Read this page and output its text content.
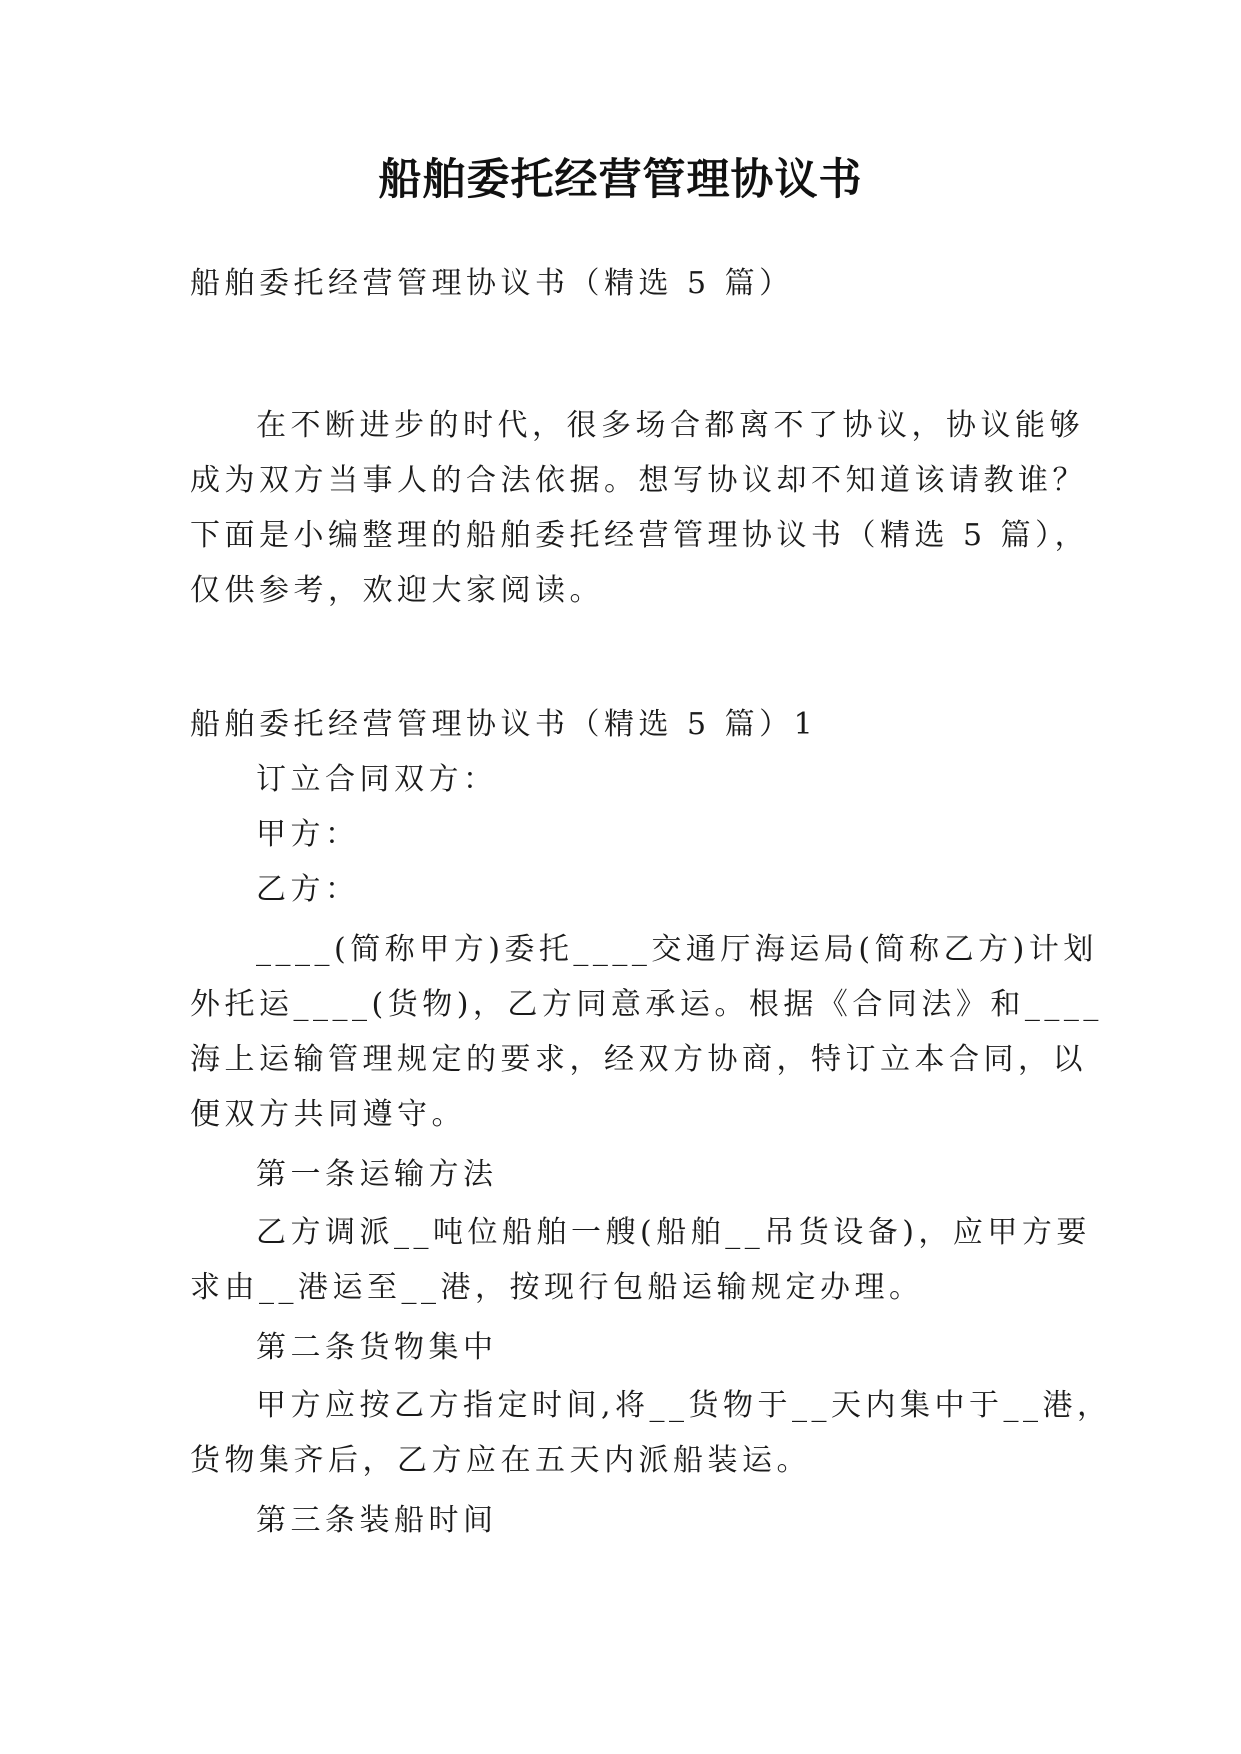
船舶委托经营管理协议书
船舶委托经营管理协议书（精选 5 篇）
在不断进步的时代，很多场合都离不了协议，协议能够
成为双方当事人的合法依据。想写协议却不知道该请教谁？
下面是小编整理的船舶委托经营管理协议书（精选 5 篇），
仅供参考，欢迎大家阅读。
船舶委托经营管理协议书（精选 5 篇）1
订立合同双方：
甲方：
乙方：
____(简称甲方)委托____交通厅海运局(简称乙方)计划
外托运____(货物)，乙方同意承运。根据《合同法》和____
海上运输管理规定的要求，经双方协商，特订立本合同，以
便双方共同遵守。
第一条运输方法
乙方调派__吨位船舶一艘(船舶__吊货设备)，应甲方要
求由__港运至__港，按现行包船运输规定办理。
第二条货物集中
甲方应按乙方指定时间,将__货物于__天内集中于__港，
货物集齐后，乙方应在五天内派船装运。
第三条装船时间
